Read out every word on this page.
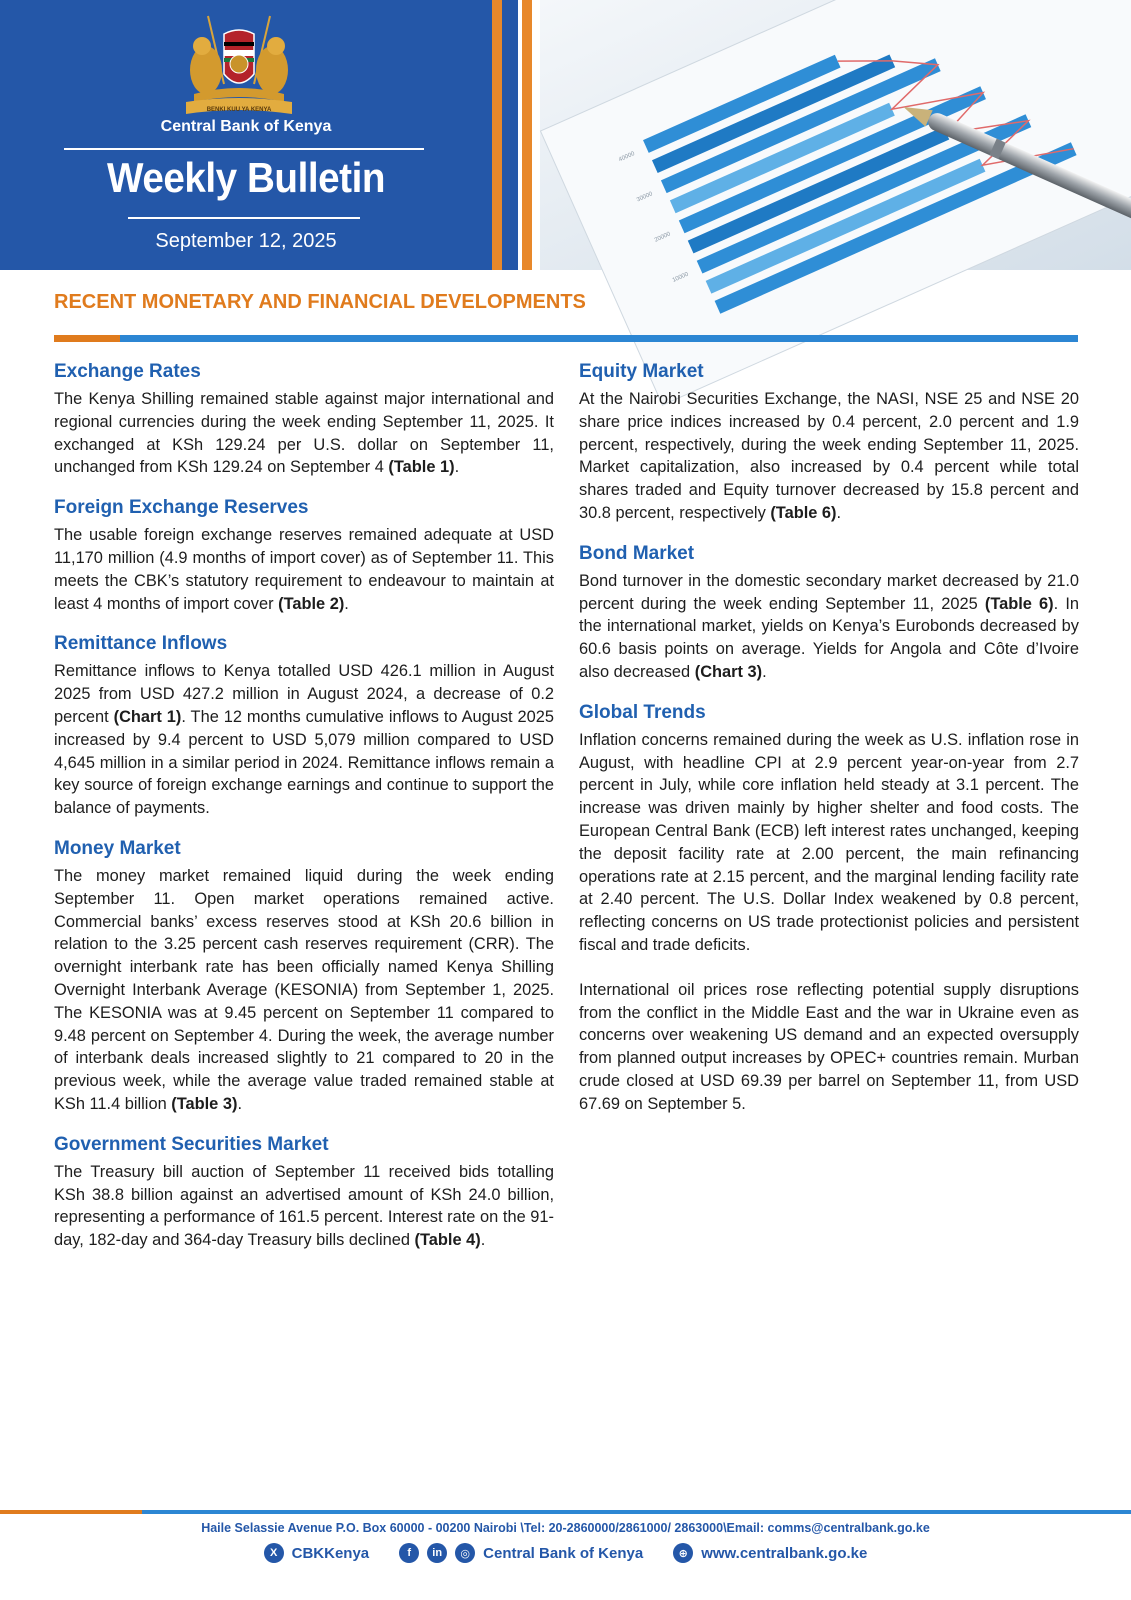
BENKI KUU YA KENYA
Central Bank of Kenya
Weekly Bulletin
September 12, 2025
40000
30000
20000
10000
RECENT MONETARY AND FINANCIAL DEVELOPMENTS
Exchange Rates

The Kenya Shilling remained stable against major international and regional currencies during the week ending September 11, 2025. It exchanged at KSh 129.24 per U.S. dollar on September 11, unchanged from KSh 129.24 on September 4 (Table 1).

Foreign Exchange Reserves

The usable foreign exchange reserves remained adequate at USD 11,170 million (4.9 months of import cover) as of September 11. This meets the CBK’s statutory requirement to endeavour to maintain at least 4 months of import cover (Table 2).

Remittance Inflows

Remittance inflows to Kenya totalled USD 426.1 million in August 2025 from USD 427.2 million in August 2024, a decrease of 0.2 percent (Chart 1). The 12 months cumulative inflows to August 2025 increased by 9.4 percent to USD 5,079 million compared to USD 4,645 million in a similar period in 2024. Remittance inflows remain a key source of foreign exchange earnings and continue to support the balance of payments.

Money Market

The money market remained liquid during the week ending September 11. Open market operations remained active. Commercial banks’ excess reserves stood at KSh 20.6 billion in relation to the 3.25 percent cash reserves requirement (CRR). The overnight interbank rate has been officially named Kenya Shilling Overnight Interbank Average (KESONIA) from September 1, 2025. The KESONIA was at 9.45 percent on September 11 compared to 9.48 percent on September 4. During the week, the average number of interbank deals increased slightly to 21 compared to 20 in the previous week, while the average value traded remained stable at KSh 11.4 billion (Table 3).

Government Securities Market

The Treasury bill auction of September 11 received bids totalling KSh 38.8 billion against an advertised amount of KSh 24.0 billion, representing a performance of 161.5 percent. Interest rate on the 91-day, 182-day and 364-day Treasury bills declined (Table 4).

Equity Market

At the Nairobi Securities Exchange, the NASI, NSE 25 and NSE 20 share price indices increased by 0.4 percent, 2.0 percent and 1.9 percent, respectively, during the week ending September 11, 2025. Market capitalization, also increased by 0.4 percent while total shares traded and Equity turnover decreased by 15.8 percent and 30.8 percent, respectively (Table 6).

Bond Market

Bond turnover in the domestic secondary market decreased by 21.0 percent during the week ending September 11, 2025 (Table 6). In the international market, yields on Kenya’s Eurobonds decreased by 60.6 basis points on average. Yields for Angola and Côte d’Ivoire also decreased (Chart 3).

Global Trends

Inflation concerns remained during the week as U.S. inflation rose in August, with headline CPI at 2.9 percent year-on-year from 2.7 percent in July, while core inflation held steady at 3.1 percent. The increase was driven mainly by higher shelter and food costs. The European Central Bank (ECB) left interest rates unchanged, keeping the deposit facility rate at 2.00 percent, the main refinancing operations rate at 2.15 percent, and the marginal lending facility rate at 2.40 percent. The U.S. Dollar Index weakened by 0.8 percent, reflecting concerns on US trade protectionist policies and persistent fiscal and trade deficits.

International oil prices rose reflecting potential supply disruptions from the conflict in the Middle East and the war in Ukraine even as concerns over weakening US demand and an expected oversupply from planned output increases by OPEC+ countries remain. Murban crude closed at USD 69.39 per barrel on September 11, from USD 67.69 on September 5.

Haile Selassie Avenue P.O. Box 60000 - 00200 Nairobi \Tel: 20-2860000/2861000/ 2863000\Email: comms@centralbank.go.ke
X CBKKenya	f	in	◎ Central Bank of Kenya	⊕ www.centralbank.go.ke
